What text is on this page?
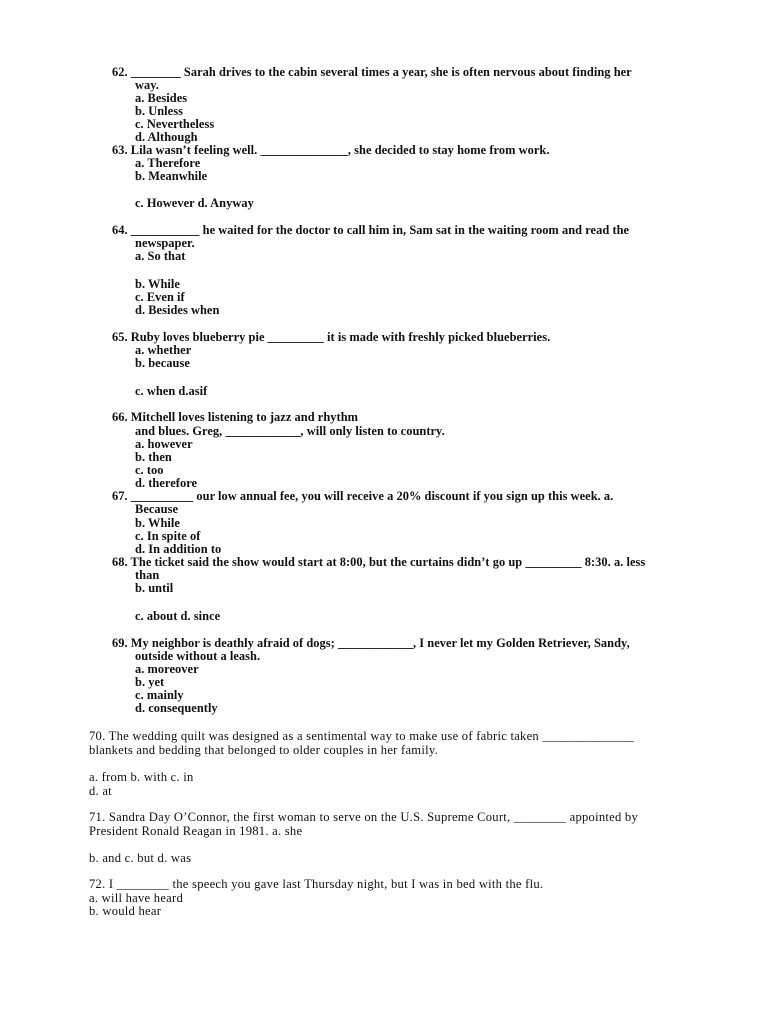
62. ________ Sarah drives to the cabin several times a year, she is often nervous about finding her
way.
a. Besides
b. Unless
c. Nevertheless
d. Although
63. Lila wasn’t feeling well. ______________, she decided to stay home from work.
a. Therefore
b. Meanwhile
c. However d. Anyway
64. ___________ he waited for the doctor to call him in, Sam sat in the waiting room and read the
newspaper.
a. So that
b. While
c. Even if
d. Besides when
65. Ruby loves blueberry pie _________ it is made with freshly picked blueberries.
a. whether
b. because
c. when d.asif
66. Mitchell loves listening to jazz and rhythm
and blues. Greg, ____________, will only listen to country.
a. however
b. then
c. too
d. therefore
67. __________ our low annual fee, you will receive a 20% discount if you sign up this week. a.
Because
b. While
c. In spite of
d. In addition to
68. The ticket said the show would start at 8:00, but the curtains didn’t go up _________ 8:30. a. less
than
b. until
c. about d. since
69. My neighbor is deathly afraid of dogs; ____________, I never let my Golden Retriever, Sandy,
outside without a leash.
a. moreover
b. yet
c. mainly
d. consequently
70. The wedding quilt was designed as a sentimental way to make use of fabric taken ______________
blankets and bedding that belonged to older couples in her family.
a. from b. with c. in
d. at
71. Sandra Day O’Connor, the first woman to serve on the U.S. Supreme Court, ________ appointed by
President Ronald Reagan in 1981. a. she
b. and c. but d. was
72. I ________ the speech you gave last Thursday night, but I was in bed with the flu.
a. will have heard
b. would hear
